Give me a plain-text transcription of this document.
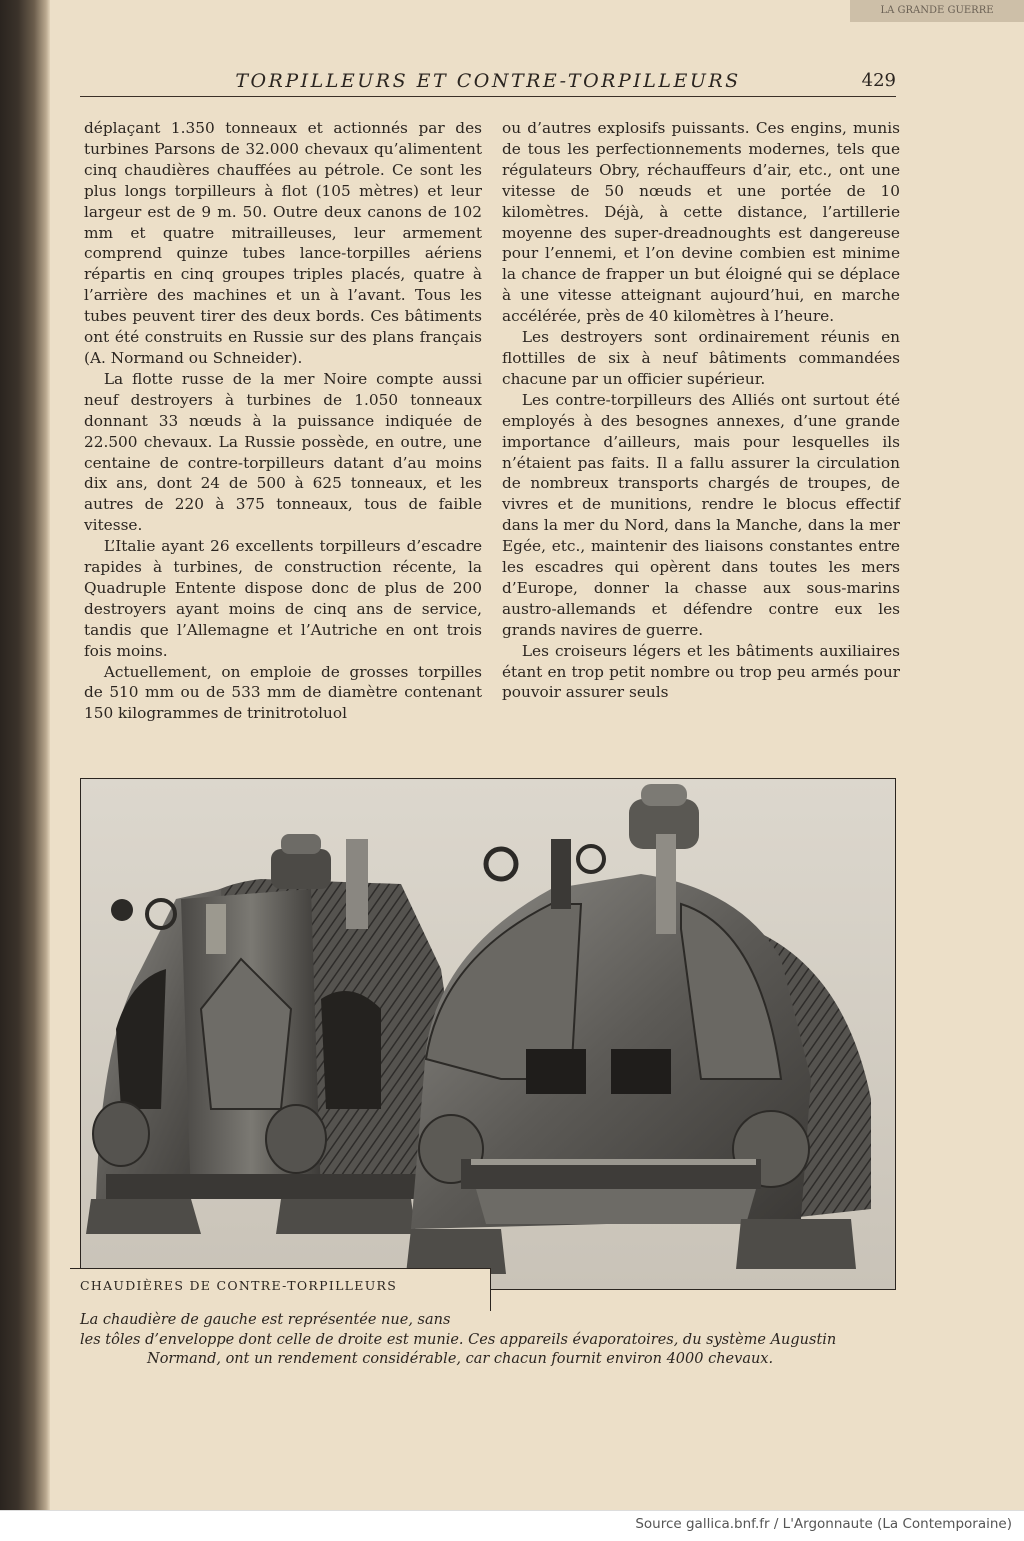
LA GRANDE GUERRE
TORPILLEURS ET CONTRE-TORPILLEURS	429

déplaçant 1.350 tonneaux et actionnés par des turbines Parsons de 32.000 chevaux qu’alimentent cinq chaudières chauffées au pétrole. Ce sont les plus longs torpilleurs à flot (105 mètres) et leur largeur est de 9 m. 50. Outre deux canons de 102 mm et quatre mitrailleuses, leur armement comprend quinze tubes lance-torpilles aériens répartis en cinq groupes triples placés, quatre à l’arrière des machines et un à l’avant. Tous les tubes peuvent tirer des deux bords. Ces bâtiments ont été construits en Russie sur des plans français (A. Normand ou Schneider).

La flotte russe de la mer Noire compte aussi neuf destroyers à turbines de 1.050 tonneaux donnant 33 nœuds à la puissance indiquée de 22.500 chevaux. La Russie possède, en outre, une centaine de contre-torpilleurs datant d’au moins dix ans, dont 24 de 500 à 625 tonneaux, et les autres de 220 à 375 tonneaux, tous de faible vitesse.

L’Italie ayant 26 excellents torpilleurs d’escadre rapides à turbines, de construction récente, la Quadruple Entente dispose donc de plus de 200 destroyers ayant moins de cinq ans de service, tandis que l’Allemagne et l’Autriche en ont trois fois moins.

Actuellement, on emploie de grosses torpilles de 510 mm ou de 533 mm de diamètre contenant 150 kilogrammes de trinitrotoluol

ou d’autres explosifs puissants. Ces engins, munis de tous les perfectionnements modernes, tels que régulateurs Obry, réchauffeurs d’air, etc., ont une vitesse de 50 nœuds et une portée de 10 kilomètres. Déjà, à cette distance, l’artillerie moyenne des super-dreadnoughts est dangereuse pour l’ennemi, et l’on devine combien est minime la chance de frapper un but éloigné qui se déplace à une vitesse atteignant aujourd’hui, en marche accélérée, près de 40 kilomètres à l’heure.

Les destroyers sont ordinairement réunis en flottilles de six à neuf bâtiments commandées chacune par un officier supérieur.

Les contre-torpilleurs des Alliés ont surtout été employés à des besognes annexes, d’une grande importance d’ailleurs, mais pour lesquelles ils n’étaient pas faits. Il a fallu assurer la circulation de nombreux transports chargés de troupes, de vivres et de munitions, rendre le blocus effectif dans la mer du Nord, dans la Manche, dans la mer Egée, etc., maintenir des liaisons constantes entre les escadres qui opèrent dans toutes les mers d’Europe, donner la chasse aux sous-marins austro-allemands et défendre contre eux les grands navires de guerre.

Les croiseurs légers et les bâtiments auxiliaires étant en trop petit nombre ou trop peu armés pour pouvoir assurer seuls

CHAUDIÈRES DE CONTRE-TORPILLEURS
La chaudière de gauche est représentée nue, sans
les tôles d’enveloppe dont celle de droite est munie. Ces appareils évaporatoires, du système Augustin
Normand, ont un rendement considérable, car chacun fournit environ 4000 chevaux.
Source gallica.bnf.fr / L'Argonnaute (La Contemporaine)
